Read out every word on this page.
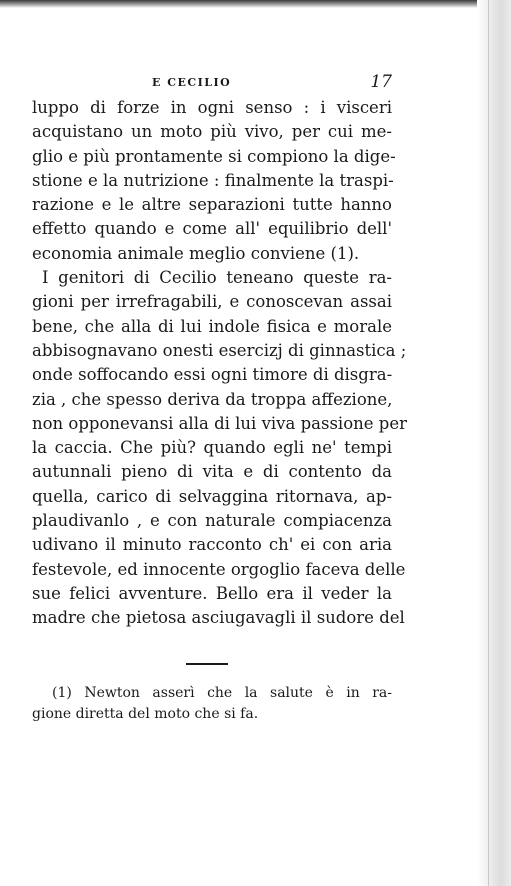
E CECILIO	17
luppo di forze in ogni senso : i visceri
acquistano un moto più vivo, per cui me-
glio e più prontamente si compiono la dige-
stione e la nutrizione : finalmente la traspi-
razione e le altre separazioni tutte hanno
effetto quando e come all' equilibrio dell'
economia animale meglio conviene (1).
I genitori di Cecilio teneano queste ra-
gioni per irrefragabili, e conoscevan assai
bene, che alla di lui indole fisica e morale
abbisognavano onesti esercizj di ginnastica ;
onde soffocando essi ogni timore di disgra-
zia , che spesso deriva da troppa affezione,
non opponevansi alla di lui viva passione per
la caccia. Che più? quando egli ne' tempi
autunnali pieno di vita e di contento da
quella, carico di selvaggina ritornava, ap-
plaudivanlo , e con naturale compiacenza
udivano il minuto racconto ch' ei con aria
festevole, ed innocente orgoglio faceva delle
sue felici avventure. Bello era il veder la
madre che pietosa asciugavagli il sudore del
(1) Newton asserì che la salute è in ra-
gione diretta del moto che si fa.
